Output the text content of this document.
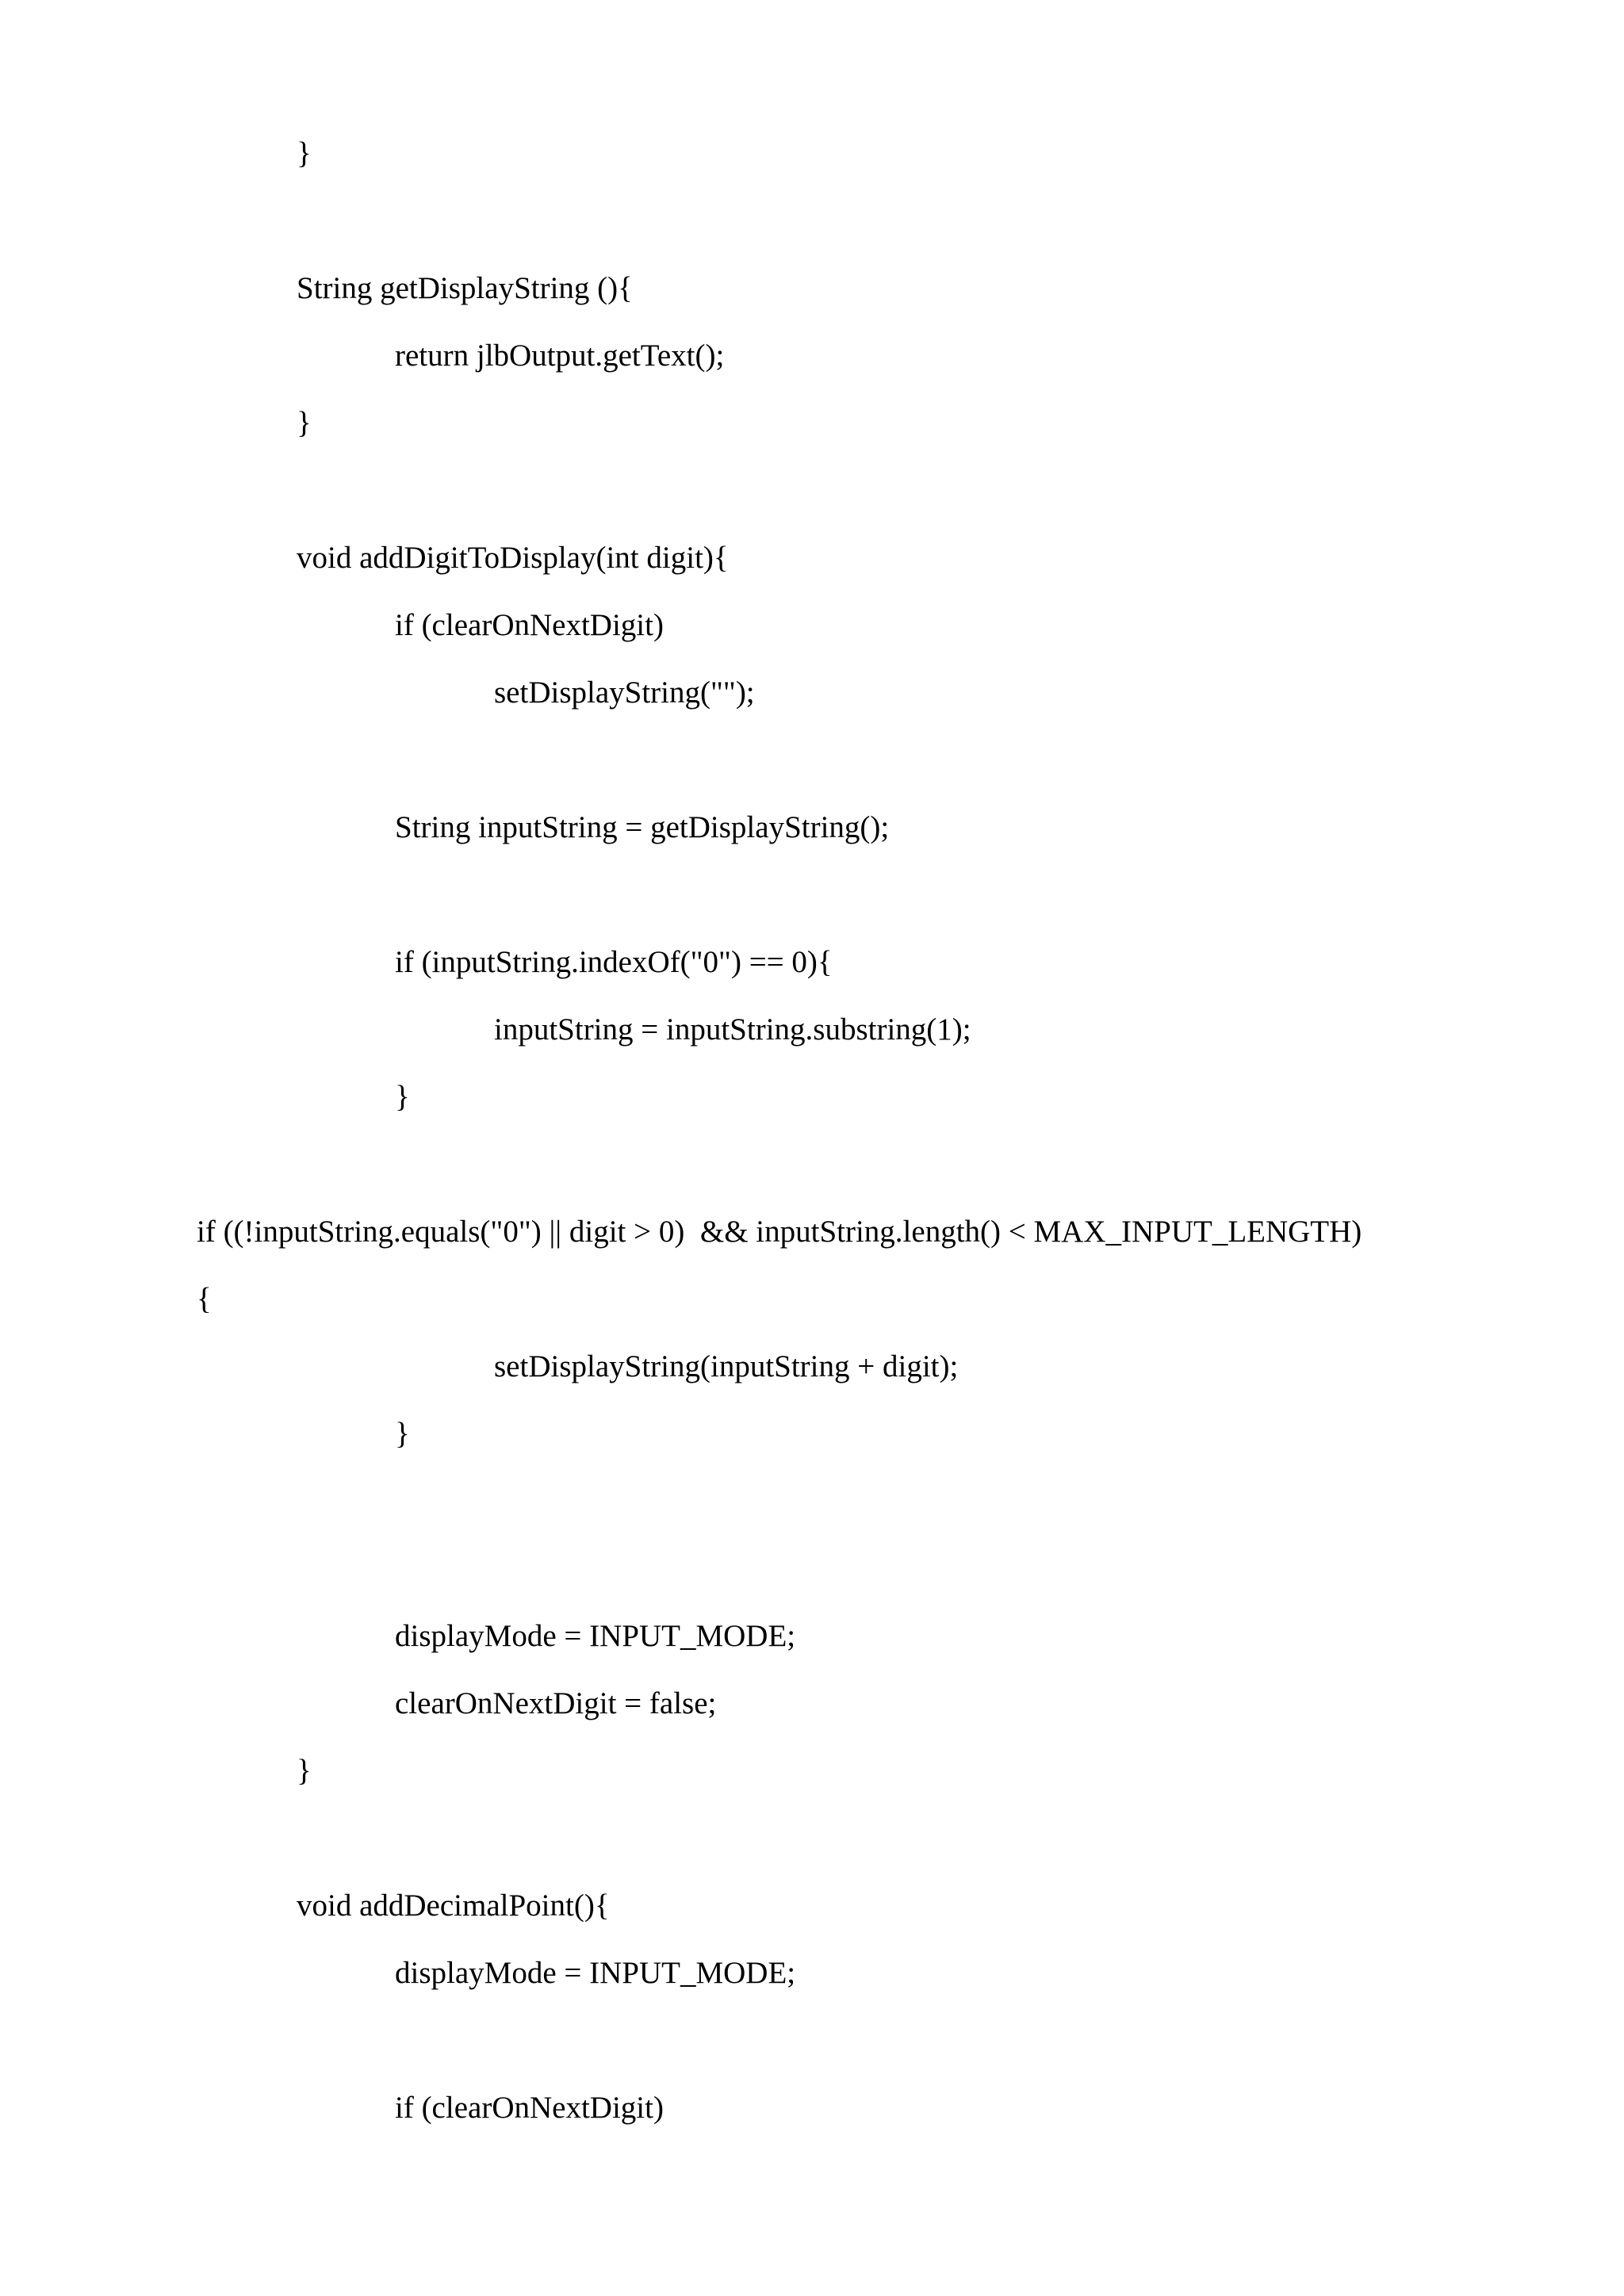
}
String getDisplayString (){
return jlbOutput.getText();
}
void addDigitToDisplay(int digit){
if (clearOnNextDigit)
setDisplayString("");
String inputString = getDisplayString();
if (inputString.indexOf("0") == 0){
inputString = inputString.substring(1);
}
if ((!inputString.equals("0") || digit > 0)  && inputString.length() < MAX_INPUT_LENGTH)
{
setDisplayString(inputString + digit);
}
displayMode = INPUT_MODE;
clearOnNextDigit = false;
}
void addDecimalPoint(){
displayMode = INPUT_MODE;
if (clearOnNextDigit)
